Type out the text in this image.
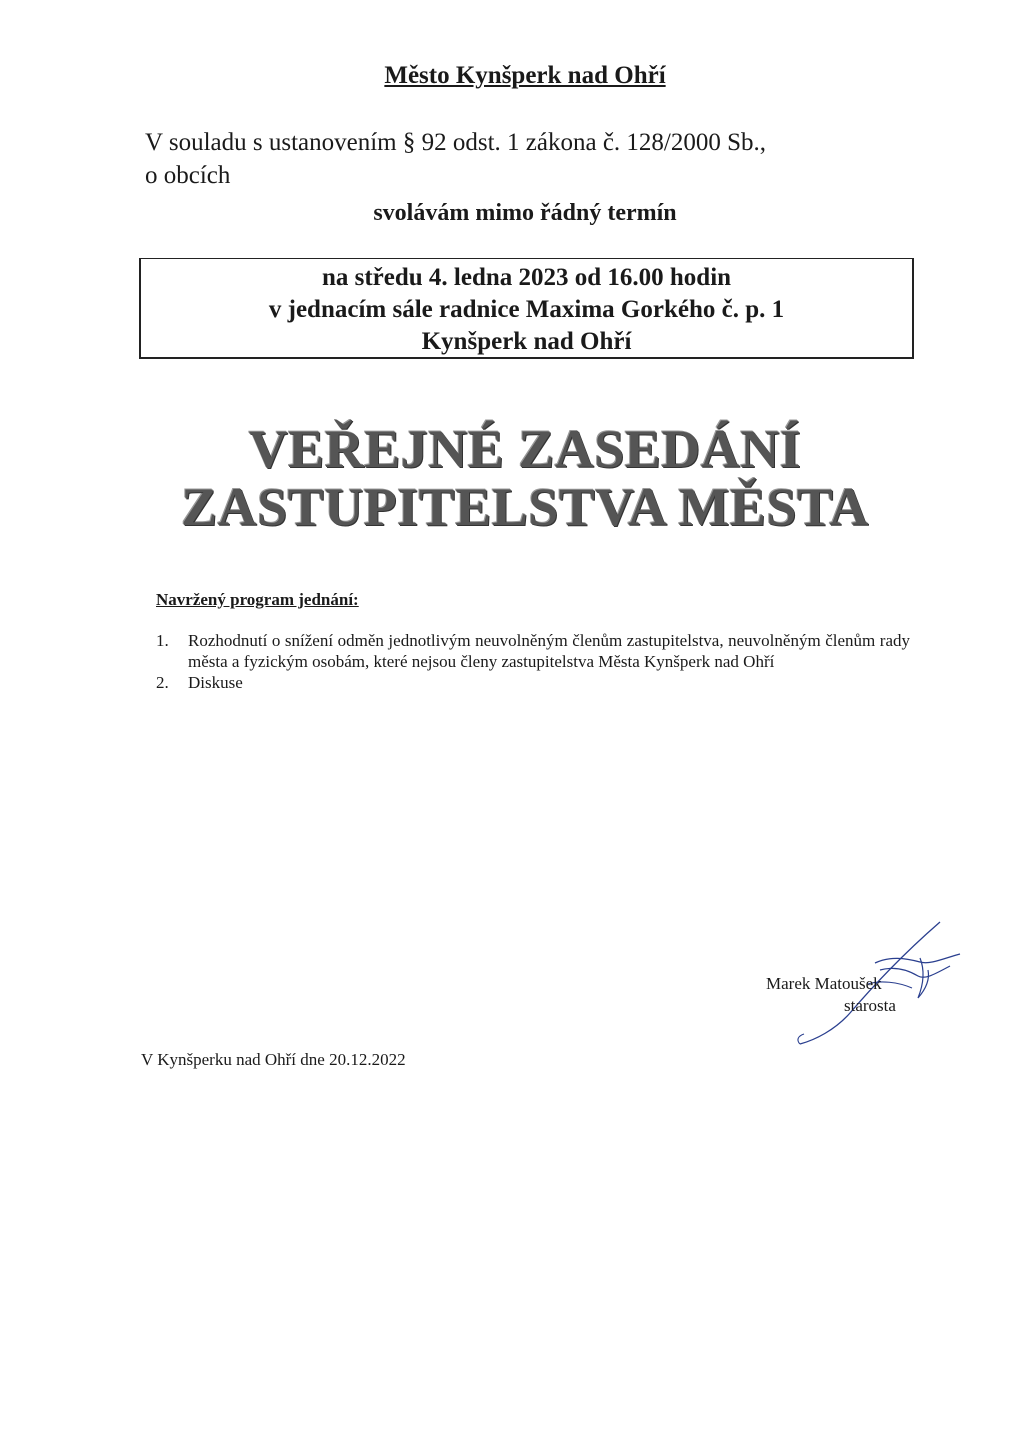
Město Kynšperk nad Ohří
V souladu s ustanovením § 92 odst. 1 zákona č. 128/2000 Sb.,
o obcích
svolávám mimo řádný termín
na středu 4. ledna 2023 od 16.00 hodin
v jednacím sále radnice Maxima Gorkého č. p. 1
Kynšperk nad Ohří
VEŘEJNÉ ZASEDÁNÍ
ZASTUPITELSTVA MĚSTA
Navržený program jednání:
1.	Rozhodnutí o snížení odměn jednotlivým neuvolněným členům zastupitelstva, neuvolněným členům rady města a fyzickým osobám, které nejsou členy zastupitelstva Města Kynšperk nad Ohří
2.	Diskuse
Marek Matoušek
starosta
V Kynšperku nad Ohří dne 20.12.2022
